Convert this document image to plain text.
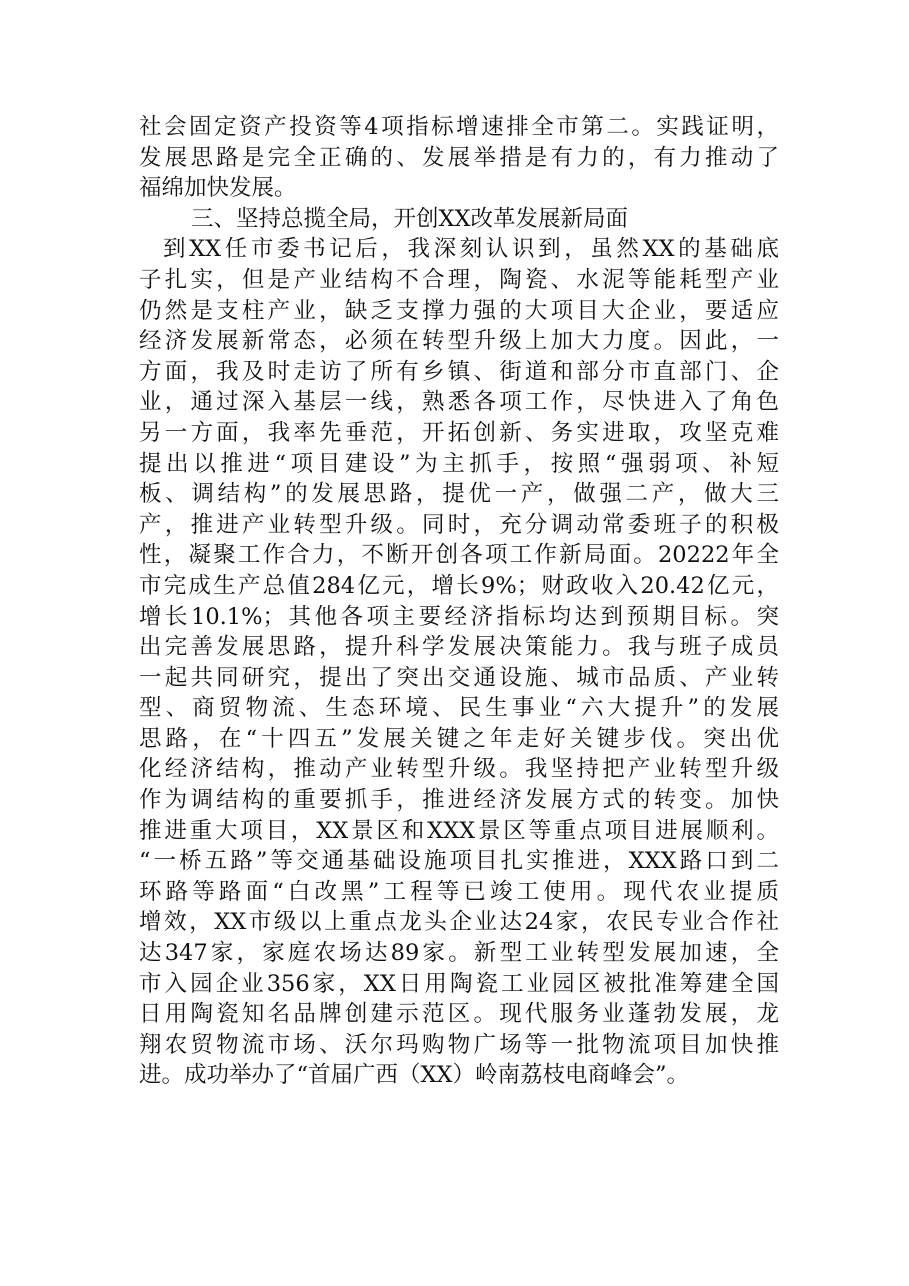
社会固定资产投资等4项指标增速排全市第二。实践证明，
发展思路是完全正确的、发展举措是有力的，有力推动了
福绵加快发展。
三、坚持总揽全局，开创XX改革发展新局面
到XX任市委书记后，我深刻认识到，虽然XX的基础底
子扎实，但是产业结构不合理，陶瓷、水泥等能耗型产业
仍然是支柱产业，缺乏支撑力强的大项目大企业，要适应
经济发展新常态，必须在转型升级上加大力度。因此，一
方面，我及时走访了所有乡镇、街道和部分市直部门、企
业，通过深入基层一线，熟悉各项工作，尽快进入了角色
另一方面，我率先垂范，开拓创新、务实进取，攻坚克难
提出以推进“项目建设”为主抓手，按照“强弱项、补短
板、调结构”的发展思路，提优一产，做强二产，做大三
产，推进产业转型升级。同时，充分调动常委班子的积极
性，凝聚工作合力，不断开创各项工作新局面。20222年全
市完成生产总值284亿元，增长9%；财政收入20.42亿元，
增长10.1%；其他各项主要经济指标均达到预期目标。突
出完善发展思路，提升科学发展决策能力。我与班子成员
一起共同研究，提出了突出交通设施、城市品质、产业转
型、商贸物流、生态环境、民生事业“六大提升”的发展
思路，在“十四五”发展关键之年走好关键步伐。突出优
化经济结构，推动产业转型升级。我坚持把产业转型升级
作为调结构的重要抓手，推进经济发展方式的转变。加快
推进重大项目，XX景区和XXX景区等重点项目进展顺利。
“一桥五路”等交通基础设施项目扎实推进，XXX路口到二
环路等路面“白改黑”工程等已竣工使用。现代农业提质
增效，XX市级以上重点龙头企业达24家，农民专业合作社
达347家，家庭农场达89家。新型工业转型发展加速，全
市入园企业356家，XX日用陶瓷工业园区被批准筹建全国
日用陶瓷知名品牌创建示范区。现代服务业蓬勃发展，龙
翔农贸物流市场、沃尔玛购物广场等一批物流项目加快推
进。成功举办了“首届广西（XX）岭南荔枝电商峰会”。
